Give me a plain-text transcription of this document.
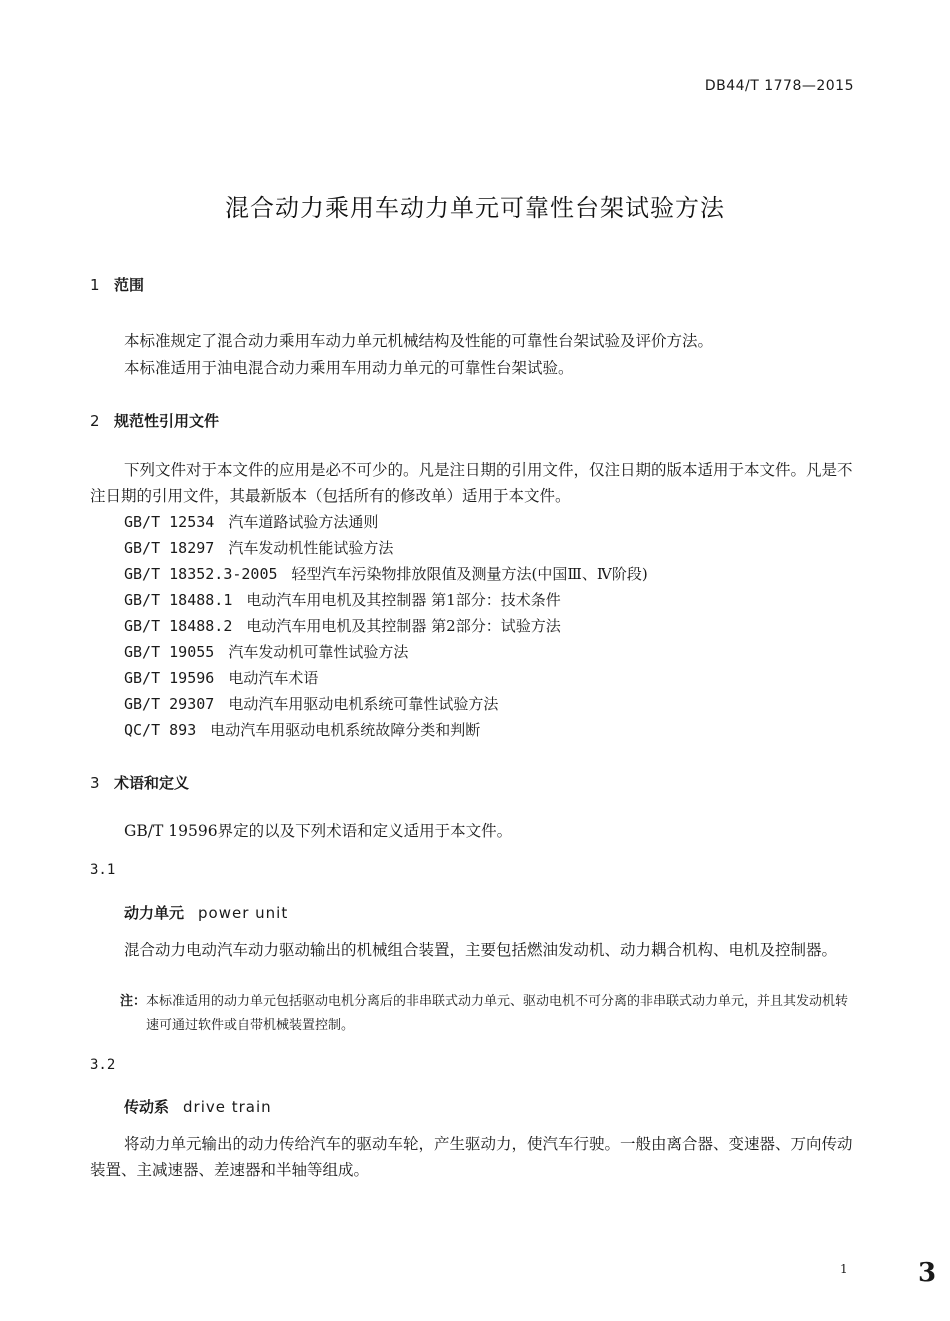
DB44/T 1778—2015
混合动力乘用车动力单元可靠性台架试验方法
1 范围
本标准规定了混合动力乘用车动力单元机械结构及性能的可靠性台架试验及评价方法。
本标准适用于油电混合动力乘用车用动力单元的可靠性台架试验。
2 规范性引用文件
下列文件对于本文件的应用是必不可少的。凡是注日期的引用文件，仅注日期的版本适用于本文件。凡是不注日期的引用文件，其最新版本（包括所有的修改单）适用于本文件。
GB/T 12534 汽车道路试验方法通则
GB/T 18297 汽车发动机性能试验方法
GB/T 18352.3-2005 轻型汽车污染物排放限值及测量方法(中国Ⅲ、Ⅳ阶段)
GB/T 18488.1 电动汽车用电机及其控制器 第1部分：技术条件
GB/T 18488.2 电动汽车用电机及其控制器 第2部分：试验方法
GB/T 19055 汽车发动机可靠性试验方法
GB/T 19596 电动汽车术语
GB/T 29307 电动汽车用驱动电机系统可靠性试验方法
QC/T 893 电动汽车用驱动电机系统故障分类和判断
3 术语和定义
GB/T 19596界定的以及下列术语和定义适用于本文件。
3.1
动力单元 power unit
混合动力电动汽车动力驱动输出的机械组合装置，主要包括燃油发动机、动力耦合机构、电机及控制器。
注： 本标准适用的动力单元包括驱动电机分离后的非串联式动力单元、驱动电机不可分离的非串联式动力单元，并且其发动机转速可通过软件或自带机械装置控制。
3.2
传动系 drive train
将动力单元输出的动力传给汽车的驱动车轮，产生驱动力，使汽车行驶。一般由离合器、变速器、万向传动装置、主减速器、差速器和半轴等组成。
1	3
